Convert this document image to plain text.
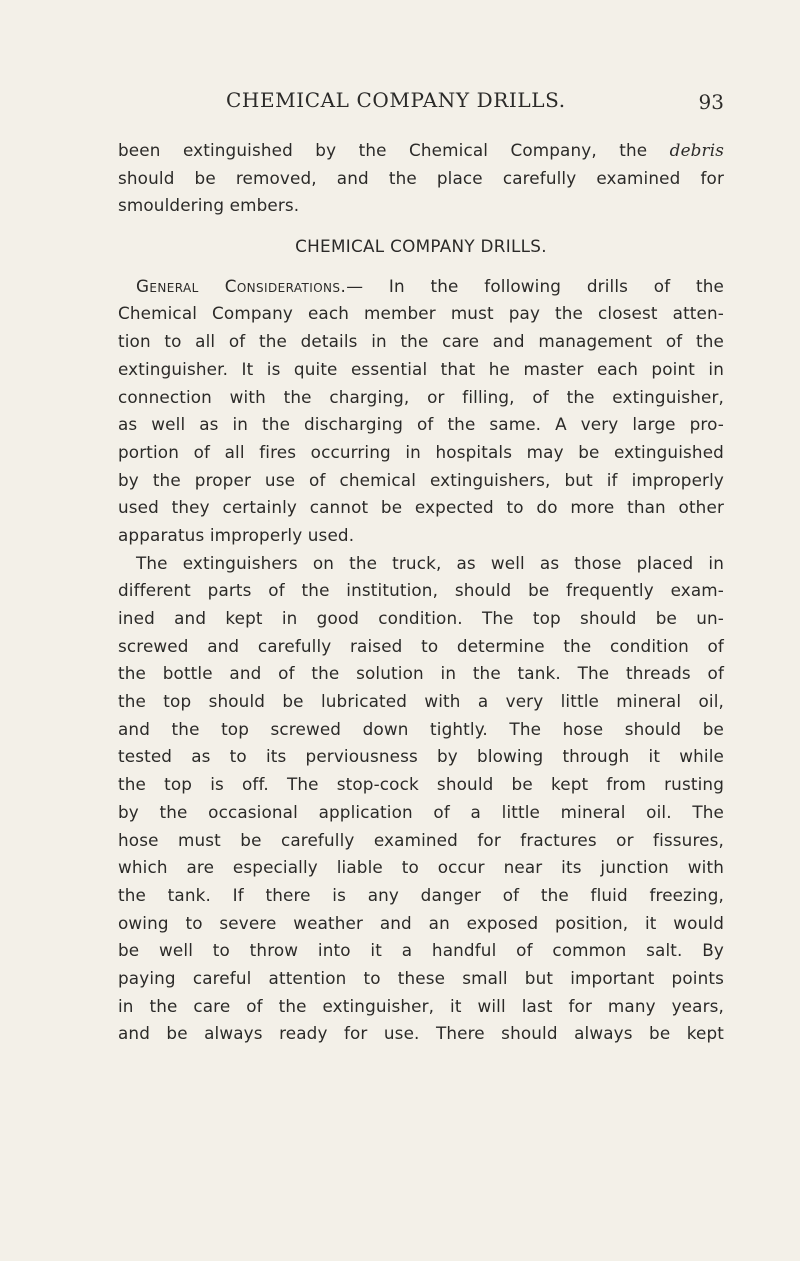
CHEMICAL COMPANY DRILLS.	93
been extinguished by the Chemical Company, the debris
should be removed, and the place carefully examined for
smouldering embers.
CHEMICAL COMPANY DRILLS.
General Considerations.— In the following drills of the
Chemical Company each member must pay the closest atten-
tion to all of the details in the care and management of the
extinguisher. It is quite essential that he master each point in
connection with the charging, or filling, of the extinguisher,
as well as in the discharging of the same. A very large pro-
portion of all fires occurring in hospitals may be extinguished
by the proper use of chemical extinguishers, but if improperly
used they certainly cannot be expected to do more than other
apparatus improperly used.
The extinguishers on the truck, as well as those placed in
different parts of the institution, should be frequently exam-
ined and kept in good condition. The top should be un-
screwed and carefully raised to determine the condition of
the bottle and of the solution in the tank. The threads of
the top should be lubricated with a very little mineral oil,
and the top screwed down tightly. The hose should be
tested as to its perviousness by blowing through it while
the top is off. The stop-cock should be kept from rusting
by the occasional application of a little mineral oil. The
hose must be carefully examined for fractures or fissures,
which are especially liable to occur near its junction with
the tank. If there is any danger of the fluid freezing,
owing to severe weather and an exposed position, it would
be well to throw into it a handful of common salt. By
paying careful attention to these small but important points
in the care of the extinguisher, it will last for many years,
and be always ready for use. There should always be kept
